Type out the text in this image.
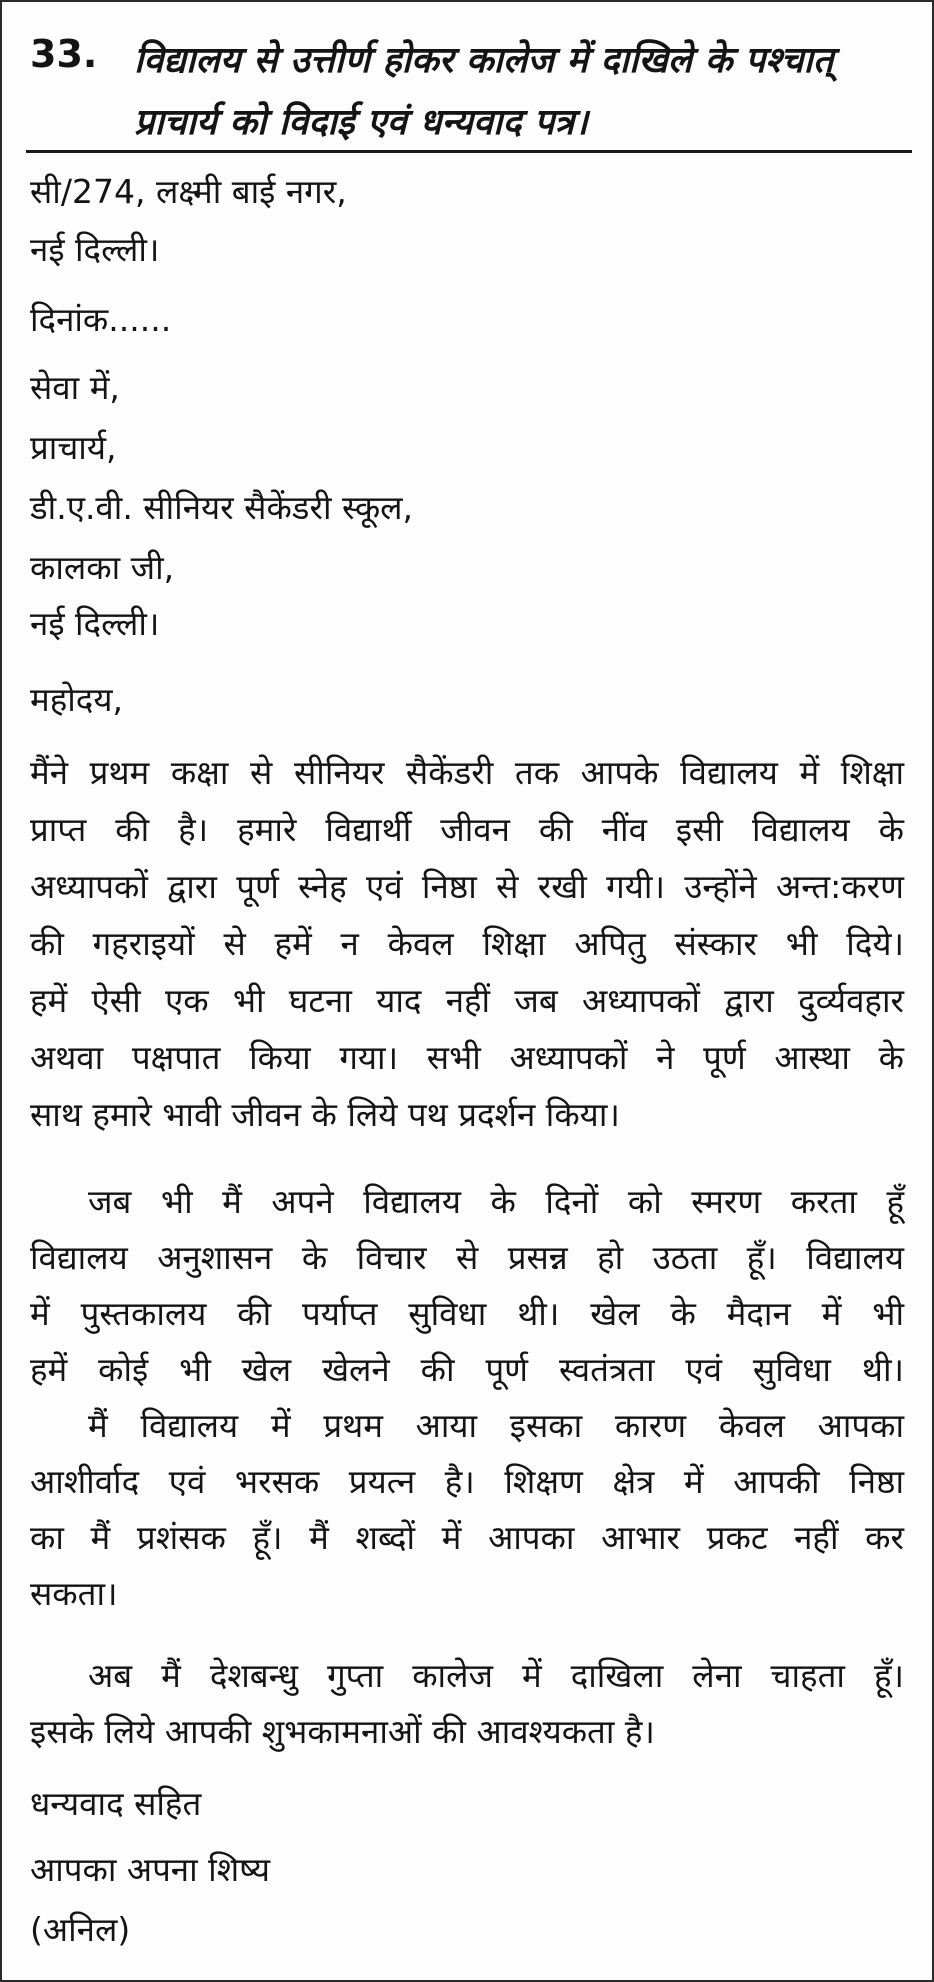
33. विद्यालय से उत्तीर्ण होकर कालेज में दाखिले के पश्चात्
प्राचार्य को विदाई एवं धन्यवाद पत्र।
सी/274, लक्ष्मी बाई नगर,
नई दिल्ली।
दिनांक......
सेवा में,
प्राचार्य,
डी.ए.वी. सीनियर सैकेंडरी स्कूल,
कालका जी,
नई दिल्ली।
महोदय,
मैंने प्रथम कक्षा से सीनियर सैकेंडरी तक आपके विद्यालय में शिक्षा
प्राप्त की है। हमारे विद्यार्थी जीवन की नींव इसी विद्यालय के
अध्यापकों द्वारा पूर्ण स्नेह एवं निष्ठा से रखी गयी। उन्होंने अन्त:करण
की गहराइयों से हमें न केवल शिक्षा अपितु संस्कार भी दिये।
हमें ऐसी एक भी घटना याद नहीं जब अध्यापकों द्वारा दुर्व्यवहार
अथवा पक्षपात किया गया। सभी अध्यापकों ने पूर्ण आस्था के
साथ हमारे भावी जीवन के लिये पथ प्रदर्शन किया।
जब भी मैं अपने विद्यालय के दिनों को स्मरण करता हूँ
विद्यालय अनुशासन के विचार से प्रसन्न हो उठता हूँ। विद्यालय
में पुस्तकालय की पर्याप्त सुविधा थी। खेल के मैदान में भी
हमें कोई भी खेल खेलने की पूर्ण स्वतंत्रता एवं सुविधा थी।
मैं विद्यालय में प्रथम आया इसका कारण केवल आपका
आशीर्वाद एवं भरसक प्रयत्न है। शिक्षण क्षेत्र में आपकी निष्ठा
का मैं प्रशंसक हूँ। मैं शब्दों में आपका आभार प्रकट नहीं कर
सकता।
अब मैं देशबन्धु गुप्ता कालेज में दाखिला लेना चाहता हूँ।
इसके लिये आपकी शुभकामनाओं की आवश्यकता है।
धन्यवाद सहित
आपका अपना शिष्य
(अनिल)
